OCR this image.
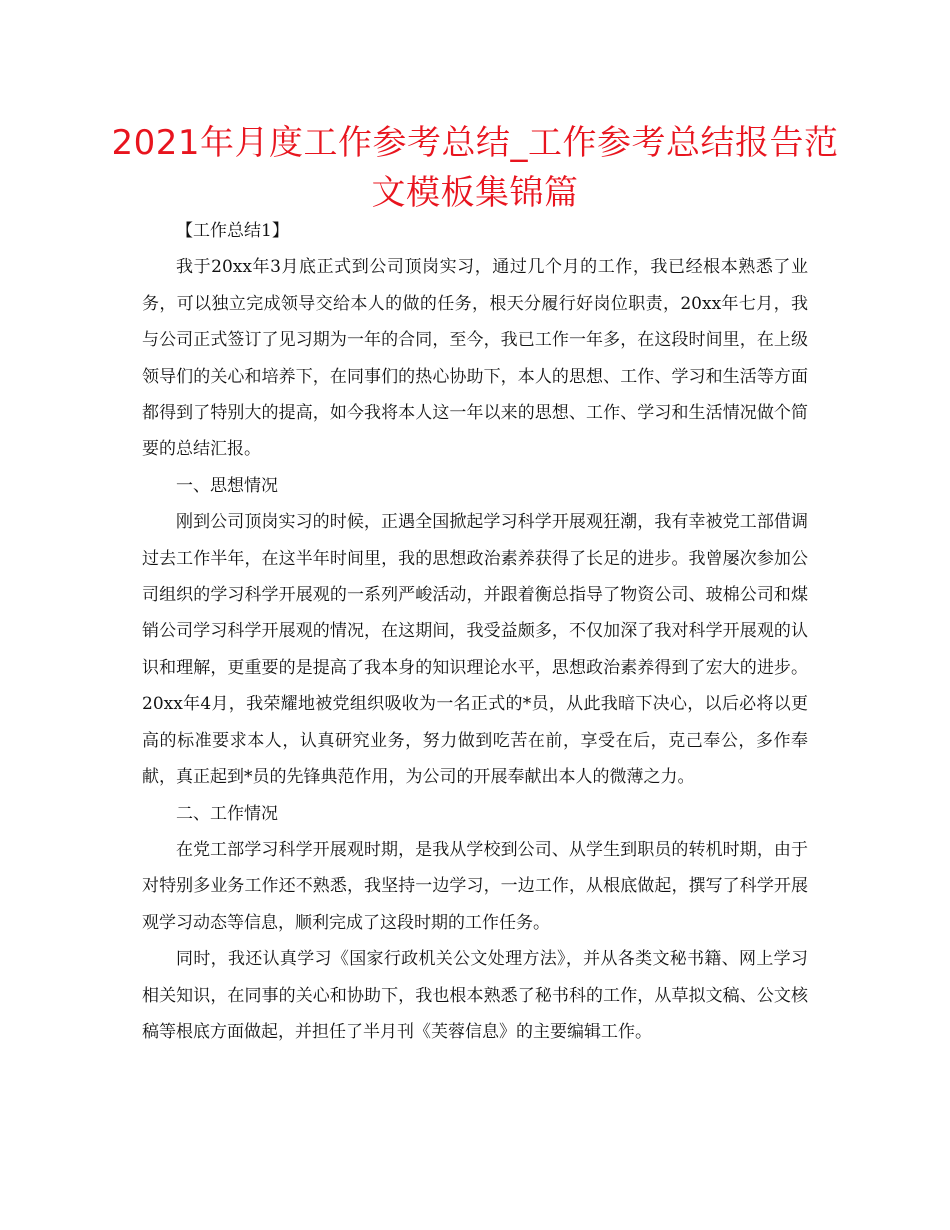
2021年月度工作参考总结_工作参考总结报告范文模板集锦篇

【工作总结1】

我于20xx年3月底正式到公司顶岗实习，通过几个月的工作，我已经根本熟悉了业务，可以独立完成领导交给本人的做的任务，根天分履行好岗位职责，20xx年七月，我与公司正式签订了见习期为一年的合同，至今，我已工作一年多，在这段时间里，在上级领导们的关心和培养下，在同事们的热心协助下，本人的思想、工作、学习和生活等方面都得到了特别大的提高，如今我将本人这一年以来的思想、工作、学习和生活情况做个简要的总结汇报。

一、思想情况

刚到公司顶岗实习的时候，正遇全国掀起学习科学开展观狂潮，我有幸被党工部借调过去工作半年，在这半年时间里，我的思想政治素养获得了长足的进步。我曾屡次参加公司组织的学习科学开展观的一系列严峻活动，并跟着衡总指导了物资公司、玻棉公司和煤销公司学习科学开展观的情况，在这期间，我受益颇多，不仅加深了我对科学开展观的认识和理解，更重要的是提高了我本身的知识理论水平，思想政治素养得到了宏大的进步。20xx年4月，我荣耀地被党组织吸收为一名正式的*员，从此我暗下决心，以后必将以更高的标准要求本人，认真研究业务，努力做到吃苦在前，享受在后，克己奉公，多作奉献，真正起到*员的先锋典范作用，为公司的开展奉献出本人的微薄之力。

二、工作情况

在党工部学习科学开展观时期，是我从学校到公司、从学生到职员的转机时期，由于对特别多业务工作还不熟悉，我坚持一边学习，一边工作，从根底做起，撰写了科学开展观学习动态等信息，顺利完成了这段时期的工作任务。

同时，我还认真学习《国家行政机关公文处理方法》，并从各类文秘书籍、网上学习相关知识，在同事的关心和协助下，我也根本熟悉了秘书科的工作，从草拟文稿、公文核稿等根底方面做起，并担任了半月刊《芙蓉信息》的主要编辑工作。
